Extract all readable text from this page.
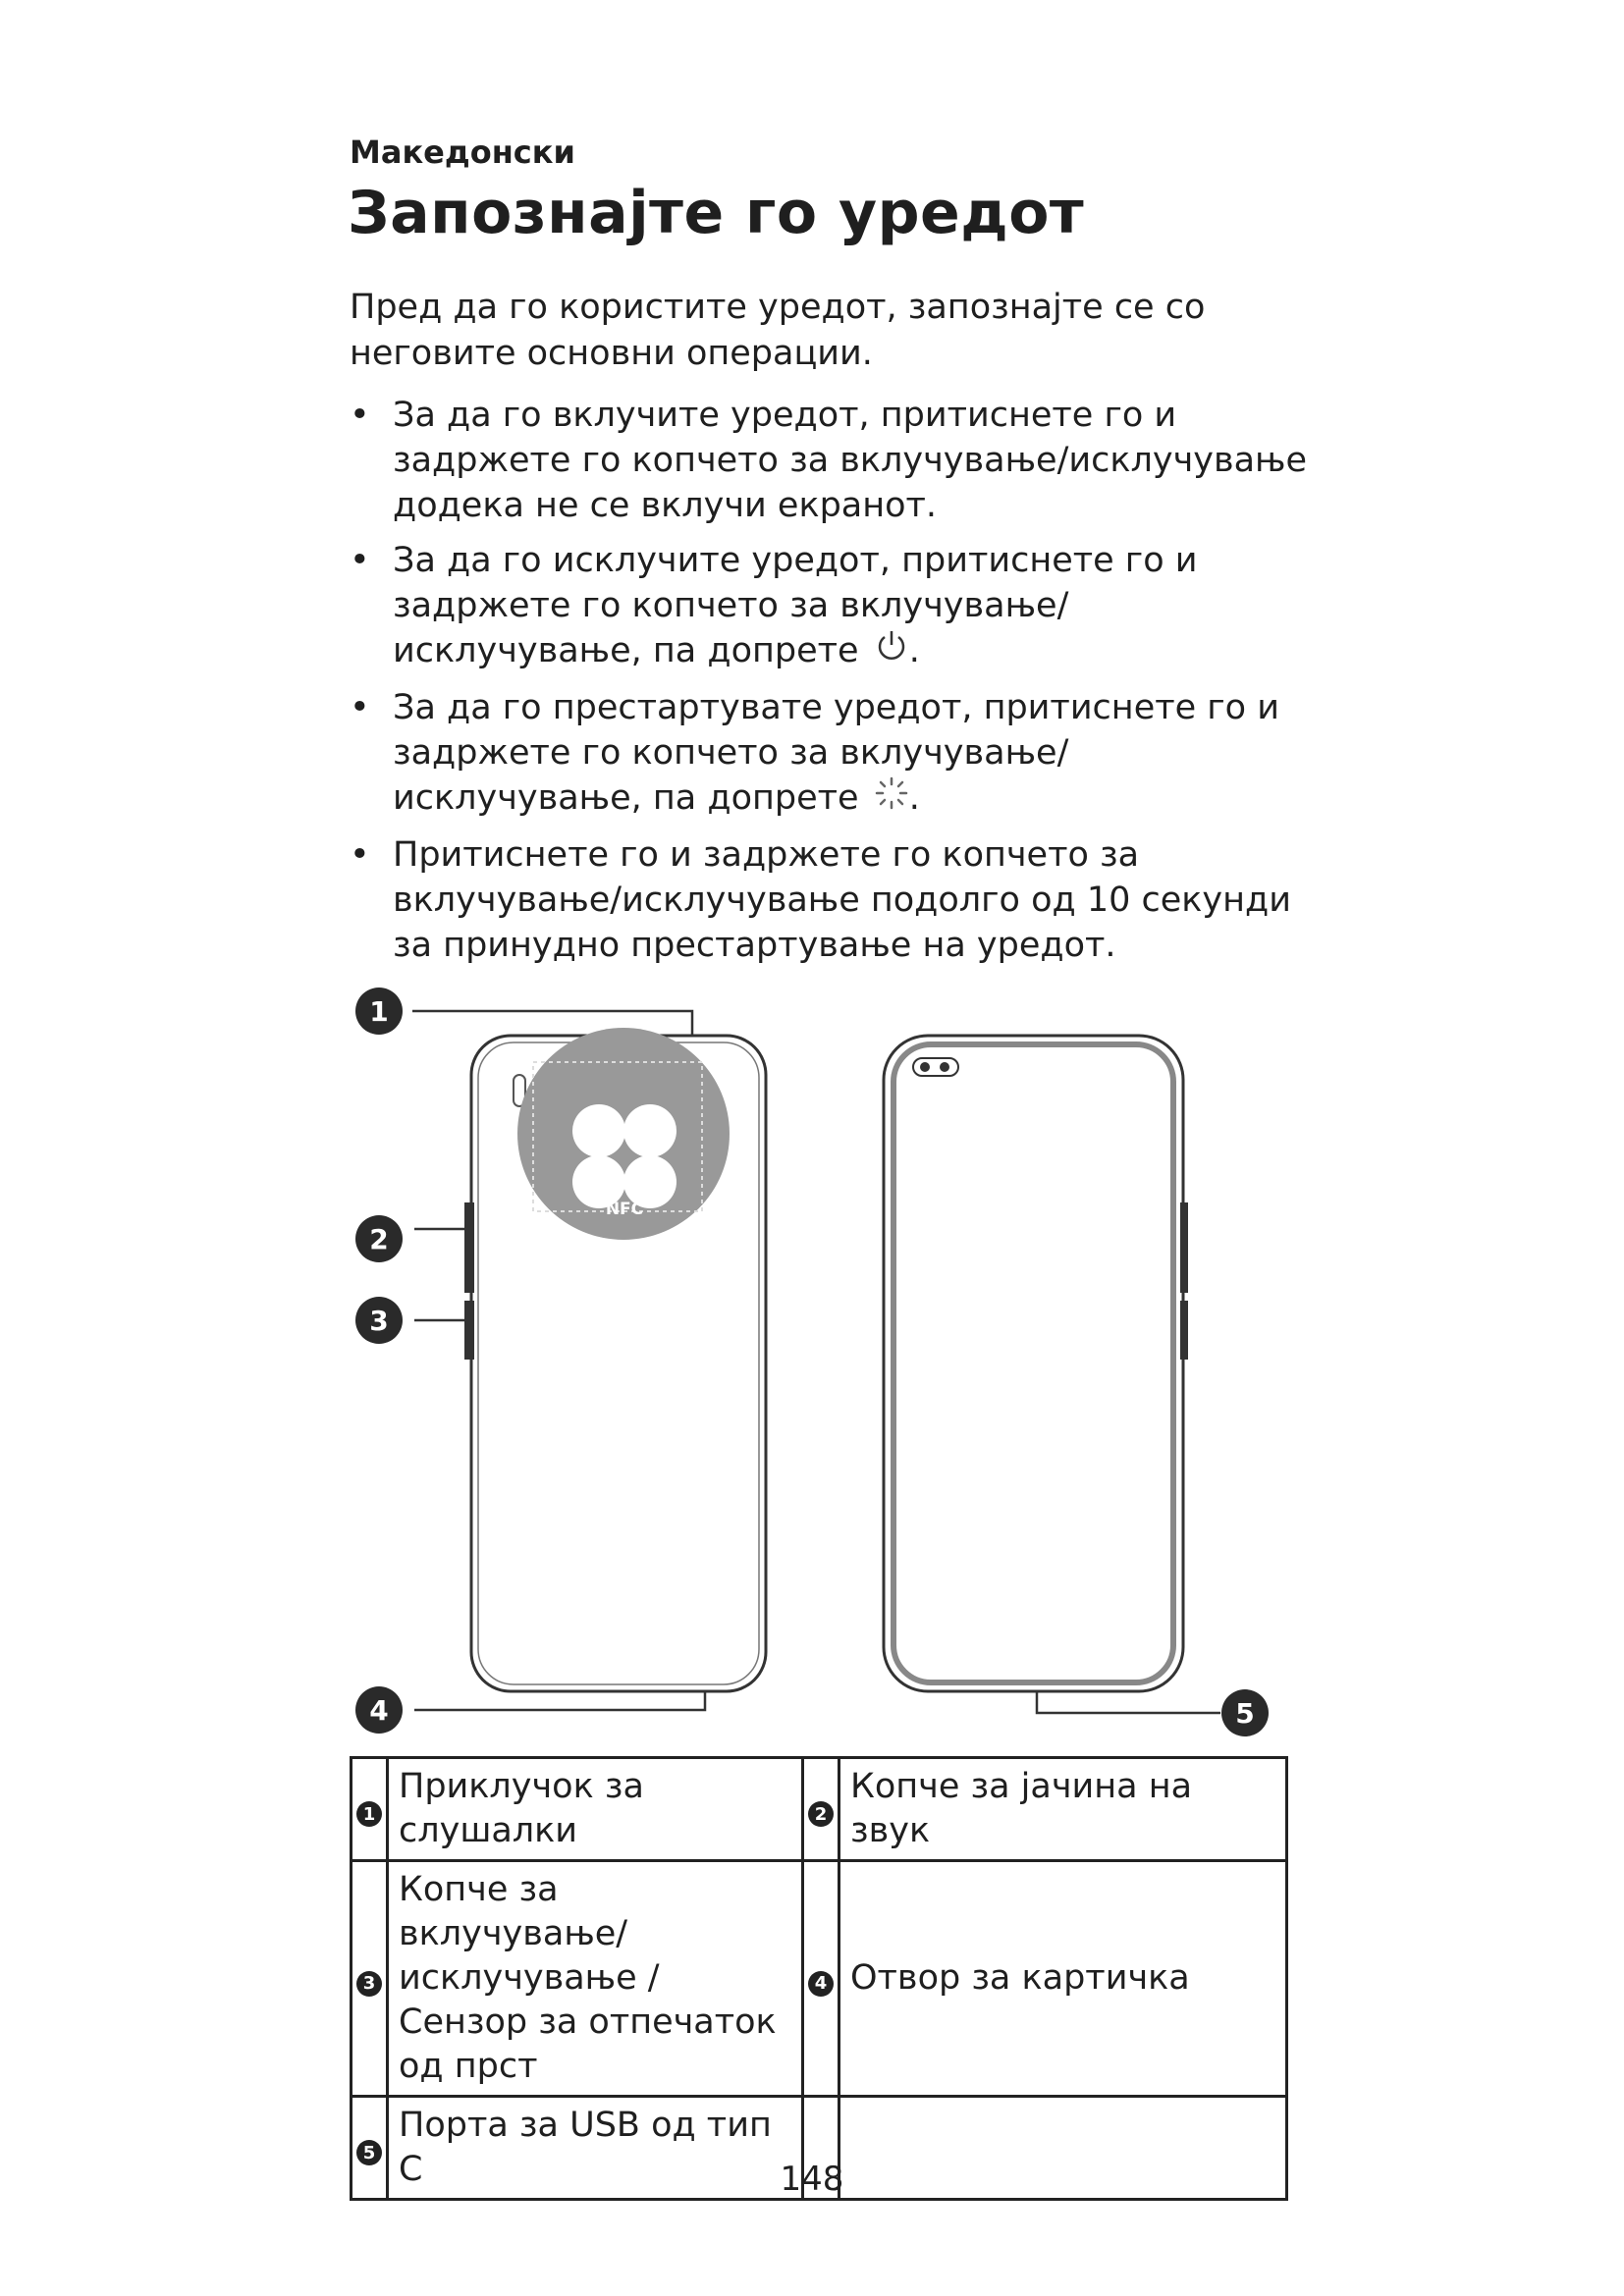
Македонски
Запознајте го уредот
Пред да го користите уредот, запознајте се со неговите основни операции.
• За да го вклучите уредот, притиснете го и задржете го копчето за вклучување/исклучување додека не се вклучи екранот.
• За да го исклучите уредот, притиснете го и задржете го копчето за вклучување/исклучување, па допрете .
• За да го престартувате уредот, притиснете го и задржете го копчето за вклучување/исклучување, па допрете .
• Притиснете го и задржете го копчето за вклучување/исклучување подолго од 10 секунди за принудно престартување на уредот.
NFC
1
2
3
4	5
1	Приклучок за слушалки	2	Копче за јачина на звук
3	Копче за вклучување/ исклучување / Сензор за отпечаток од прст	4	Отвор за картичка
5	Порта за USB од тип C			148
